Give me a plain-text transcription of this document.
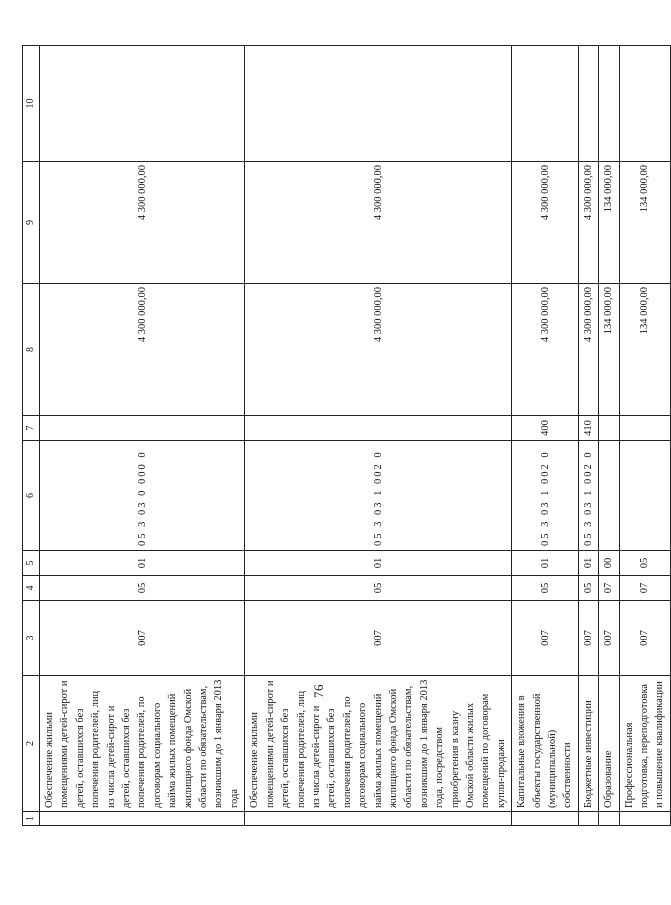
76
1	2	3	4	5	6	7	8	9	10
	Обеспечение жильми помещениями детей-сирот и детей, оставшихся без попечения родителей, лиц из числа детей-сирот и детей, оставшихся без попечения родителей, по договорам социального найма жилых помещений жилищного фонда Омской области по обязательствам, возникшим до 1 января 2013 года	007	05	01	05 3 03 0 000 0		4 300 000,00	4 300 000,00	
	Обеспечение жильми помещениями детей-сирот и детей, оставшихся без попечения родителей, лиц из числа детей-сирот и детей, оставшихся без попечения родителей, по договорам социального найма жилых помещений жилищного фонда Омской области по обязательствам, возникшим до 1 января 2013 года, посредством приобретения в казну Омской области жилых помещений по договорам купли-продажи	007	05	01	05 3 03 1 002 0		4 300 000,00	4 300 000,00	
	Капитальные вложения в объекты государственной (муниципальной) собственности	007	05	01	05 3 03 1 002 0	400	4 300 000,00	4 300 000,00	
	Бюджетные инвестиции	007	05	01	05 3 03 1 002 0	410	4 300 000,00	4 300 000,00	
	Образование	007	07	00			134 000,00	134 000,00	
	Профессиональная подготовка, переподготовка и повышение квалификации	007	07	05			134 000,00	134 000,00	
